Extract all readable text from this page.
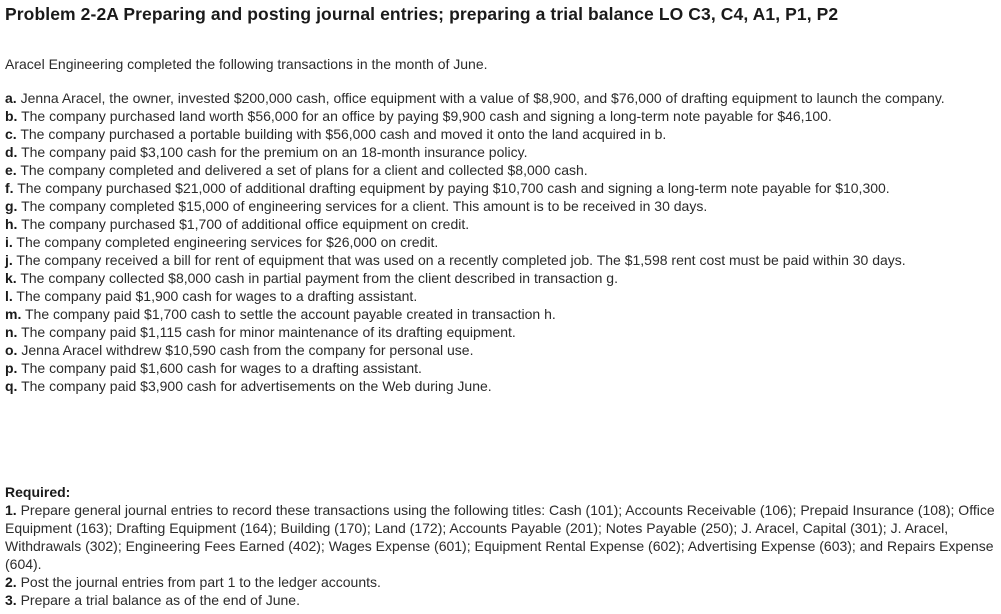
Problem 2-2A Preparing and posting journal entries; preparing a trial balance LO C3, C4, A1, P1, P2
Aracel Engineering completed the following transactions in the month of June.

a. Jenna Aracel, the owner, invested $200,000 cash, office equipment with a value of $8,900, and $76,000 of drafting equipment to launch the company.

b. The company purchased land worth $56,000 for an office by paying $9,900 cash and signing a long-term note payable for $46,100.

c. The company purchased a portable building with $56,000 cash and moved it onto the land acquired in b.

d. The company paid $3,100 cash for the premium on an 18-month insurance policy.

e. The company completed and delivered a set of plans for a client and collected $8,000 cash.

f. The company purchased $21,000 of additional drafting equipment by paying $10,700 cash and signing a long-term note payable for $10,300.

g. The company completed $15,000 of engineering services for a client. This amount is to be received in 30 days.

h. The company purchased $1,700 of additional office equipment on credit.

i. The company completed engineering services for $26,000 on credit.

j. The company received a bill for rent of equipment that was used on a recently completed job. The $1,598 rent cost must be paid within 30 days.

k. The company collected $8,000 cash in partial payment from the client described in transaction g.

l. The company paid $1,900 cash for wages to a drafting assistant.

m. The company paid $1,700 cash to settle the account payable created in transaction h.

n. The company paid $1,115 cash for minor maintenance of its drafting equipment.

o. Jenna Aracel withdrew $10,590 cash from the company for personal use.

p. The company paid $1,600 cash for wages to a drafting assistant.

q. The company paid $3,900 cash for advertisements on the Web during June.

Required:

1. Prepare general journal entries to record these transactions using the following titles: Cash (101); Accounts Receivable (106); Prepaid Insurance (108); Office Equipment (163); Drafting Equipment (164); Building (170); Land (172); Accounts Payable (201); Notes Payable (250); J. Aracel, Capital (301); J. Aracel, Withdrawals (302); Engineering Fees Earned (402); Wages Expense (601); Equipment Rental Expense (602); Advertising Expense (603); and Repairs Expense (604).

2. Post the journal entries from part 1 to the ledger accounts.

3. Prepare a trial balance as of the end of June.
